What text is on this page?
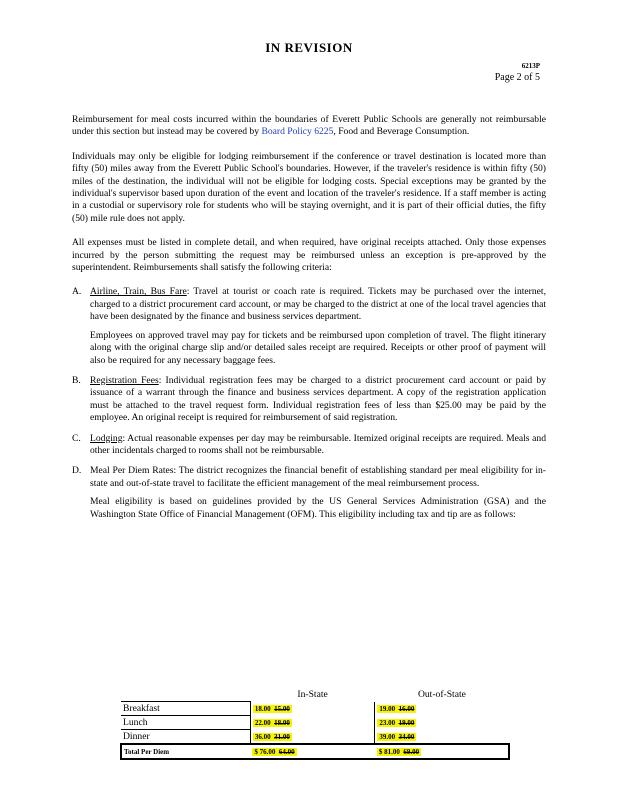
IN REVISION
6213P
Page 2 of 5

Reimbursement for meal costs incurred within the boundaries of Everett Public Schools are generally not reimbursable under this section but instead may be covered by Board Policy 6225, Food and Beverage Consumption.

Individuals may only be eligible for lodging reimbursement if the conference or travel destination is located more than fifty (50) miles away from the Everett Public School's boundaries. However, if the traveler's residence is within fifty (50) miles of the destination, the individual will not be eligible for lodging costs. Special exceptions may be granted by the individual's supervisor based upon duration of the event and location of the traveler's residence. If a staff member is acting in a custodial or supervisory role for students who will be staying overnight, and it is part of their official duties, the fifty (50) mile rule does not apply.

All expenses must be listed in complete detail, and when required, have original receipts attached. Only those expenses incurred by the person submitting the request may be reimbursed unless an exception is pre-approved by the superintendent. Reimbursements shall satisfy the following criteria:

A. Airline, Train, Bus Fare: Travel at tourist or coach rate is required. Tickets may be purchased over the internet, charged to a district procurement card account, or may be charged to the district at one of the local travel agencies that have been designated by the finance and business services department.

Employees on approved travel may pay for tickets and be reimbursed upon completion of travel. The flight itinerary along with the original charge slip and/or detailed sales receipt are required. Receipts or other proof of payment will also be required for any necessary baggage fees.

B. Registration Fees: Individual registration fees may be charged to a district procurement card account or paid by issuance of a warrant through the finance and business services department. A copy of the registration application must be attached to the travel request form. Individual registration fees of less than $25.00 may be paid by the employee. An original receipt is required for reimbursement of said registration.

C. Lodging: Actual reasonable expenses per day may be reimbursable. Itemized original receipts are required. Meals and other incidentals charged to rooms shall not be reimbursable.

D. Meal Per Diem Rates: The district recognizes the financial benefit of establishing standard per meal eligibility for in-state and out-of-state travel to facilitate the efficient management of the meal reimbursement process.

Meal eligibility is based on guidelines provided by the US General Services Administration (GSA) and the Washington State Office of Financial Management (OFM). This eligibility including tax and tip are as follows:

	In-State	Out-of-State
Breakfast	18.00 15.00	19.00 16.00
Lunch	22.00 18.00	23.00 19.00
Dinner	36.00 31.00	39.00 34.00
Total Per Diem	$ 76.00 64.00	$ 81.00 69.00
